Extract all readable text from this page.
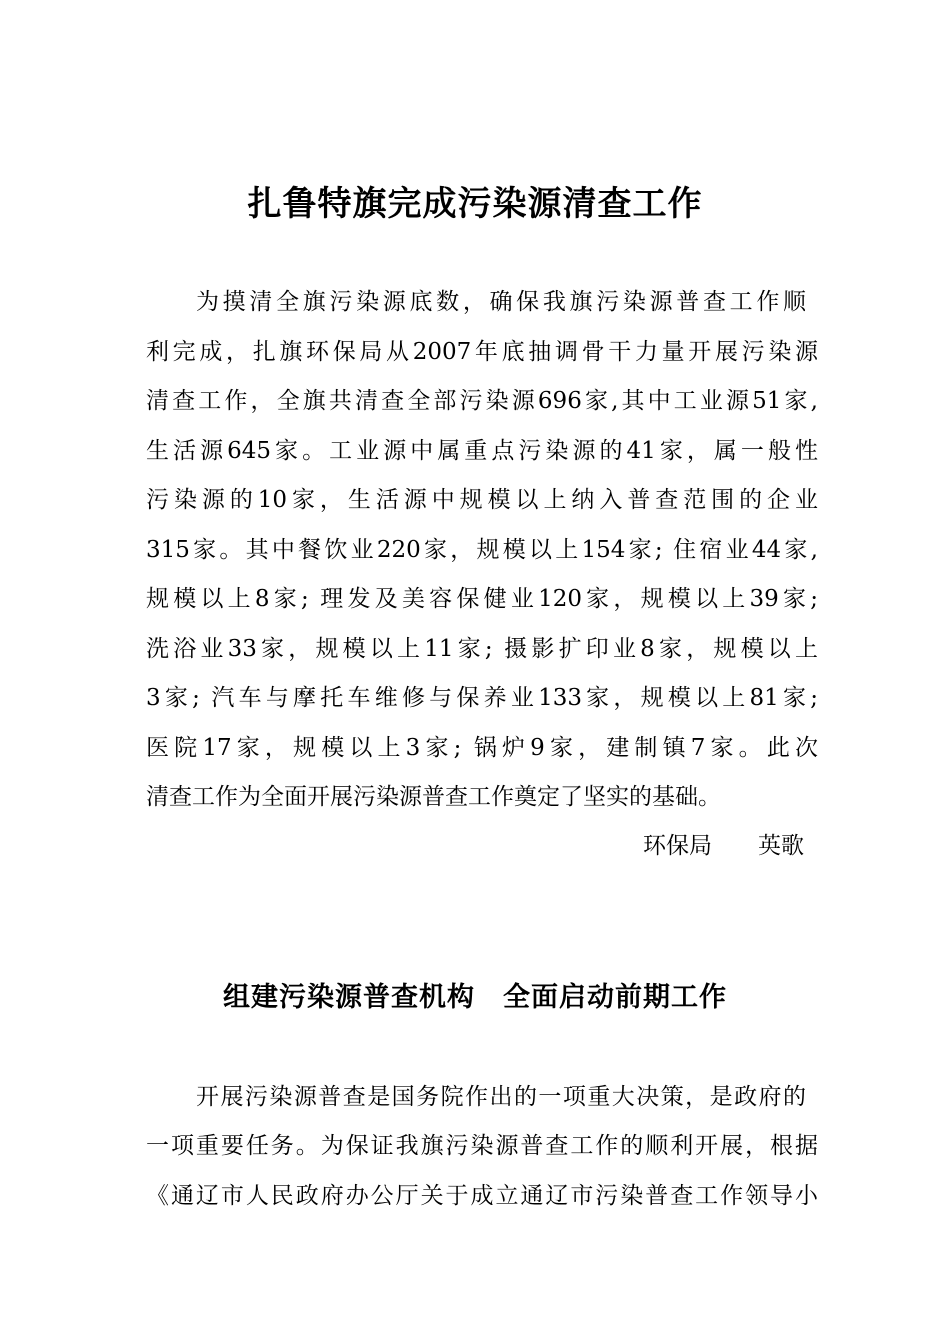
扎鲁特旗完成污染源清查工作
为摸清全旗污染源底数，确保我旗污染源普查工作顺
利完成，扎旗环保局从2007年底抽调骨干力量开展污染源
清查工作，全旗共清查全部污染源696家,其中工业源51家,
生活源645家。工业源中属重点污染源的41家，属一般性
污染源的10家，生活源中规模以上纳入普查范围的企业
315家。其中餐饮业220家，规模以上154家; 住宿业44家,
规模以上8家; 理发及美容保健业120家，规模以上39家;
洗浴业33家，规模以上11家; 摄影扩印业8家，规模以上
3家; 汽车与摩托车维修与保养业133家，规模以上81家;
医院17家，规模以上3家; 锅炉9家，建制镇7家。此次
清查工作为全面开展污染源普查工作奠定了坚实的基础。
环保局　　英歌
组建污染源普查机构　全面启动前期工作
开展污染源普查是国务院作出的一项重大决策，是政府的
一项重要任务。为保证我旗污染源普查工作的顺利开展，根据
《通辽市人民政府办公厅关于成立通辽市污染普查工作领导小
